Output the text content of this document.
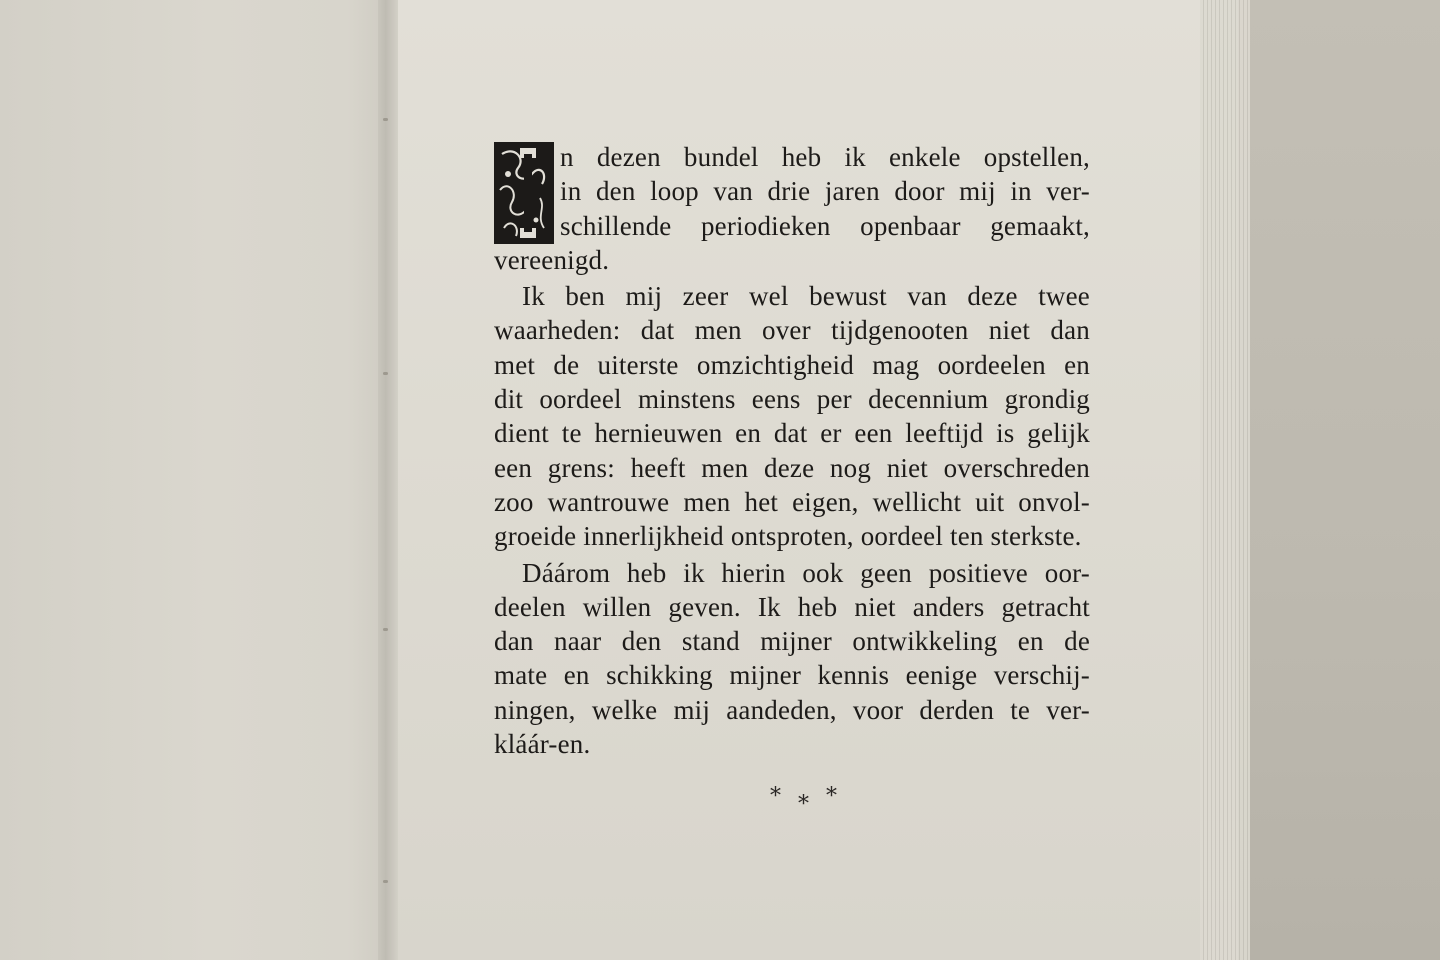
n dezen bundel heb ik enkele opstellen,
in den loop van drie jaren door mij in ver-
schillende periodieken openbaar gemaakt,
vereenigd.
Ik ben mij zeer wel bewust van deze twee
waarheden: dat men over tijdgenooten niet dan
met de uiterste omzichtigheid mag oordeelen en
dit oordeel minstens eens per decennium grondig
dient te hernieuwen en dat er een leeftijd is gelijk
een grens: heeft men deze nog niet overschreden
zoo wantrouwe men het eigen, wellicht uit onvol-
groeide innerlijkheid ontsproten, oordeel ten sterkste.
Dáárom heb ik hierin ook geen positieve oor-
deelen willen geven. Ik heb niet anders getracht
dan naar den stand mijner ontwikkeling en de
mate en schikking mijner kennis eenige verschij-
ningen, welke mij aandeden, voor derden te ver-
kláár-en.
* * *
